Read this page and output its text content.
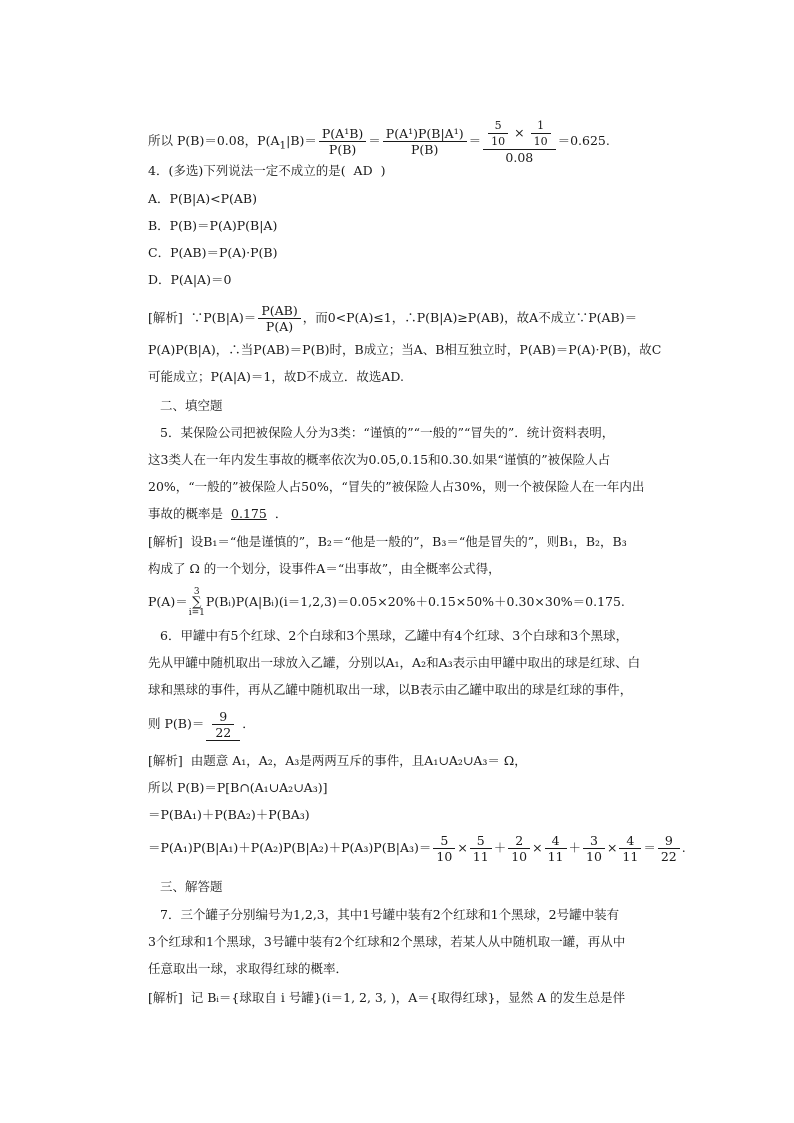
所以 P(B)＝0.08，$P(A_1|B)= \frac{\text{P(A¹B)}}{P(B)} = \frac{\text{P(A¹)P(B|A¹)}}{P(B)} = \frac{\frac{5}{10} \times \frac{1}{10}}{0.08} =0.625$.
4．(多选)下列说法一定不成立的是( AD )
A．P(B|A)<P(AB)
B．P(B)＝P(A)P(B|A)
C．P(AB)＝P(A)·P(B)
D．P(A|A)＝0
[解析] ∵P(B|A)＝ $\frac{P(AB)}{P(A)}$ ，而0<P(A)≤1，∴P(B|A)≥P(AB)，故A不成立∵P(AB)＝
P(A)P(B|A)，∴当P(AB)＝P(B)时，B成立；当A、B相互独立时，P(AB)＝P(A)·P(B)，故C
可能成立；P(A|A)＝1，故D不成立．故选AD.
二、填空题
5．某保险公司把被保险人分为3类：“谨慎的”“一般的”“冒失的”．统计资料表明，
这3类人在一年内发生事故的概率依次为0.05,0.15和0.30.如果“谨慎的”被保险人占
20%，“一般的”被保险人占50%，“冒失的”被保险人占30%，则一个被保险人在一年内出
事故的概率是 0.175 ．
[解析] 设B₁＝“他是谨慎的”，B₂＝“他是一般的”，B₃＝“他是冒失的”，则B₁，B₂，B₃
构成了 Ω 的一个划分，设事件A＝“出事故”，由全概率公式得，
P(A)＝
3
∑
i=1
P(Bᵢ)P(A|Bᵢ)(i＝1,2,3)＝0.05×20%＋0.15×50%＋0.30×30%＝0.175.
6．甲罐中有5个红球、2个白球和3个黑球，乙罐中有4个红球、3个白球和3个黑球，
先从甲罐中随机取出一球放入乙罐，分别以A₁，A₂和A₃表示由甲罐中取出的球是红球、白
球和黑球的事件，再从乙罐中随机取出一球，以B表示由乙罐中取出的球是红球的事件，
则 $P(B)= \frac{9}{22}$ ．
[解析] 由题意 A₁，A₂，A₃是两两互斥的事件，且A₁∪A₂∪A₃＝ Ω，
所以 P(B)＝P[B∩(A₁∪A₂∪A₃)]
＝P(BA₁)＋P(BA₂)＋P(BA₃)
$=P(A_1)P(B|A_1)+P(A_2)P(B|A_2)+P(A_3)P(B|A_3)= \frac{5}{10} \times \frac{5}{11} + \frac{2}{10} \times \frac{4}{11} + \frac{3}{10} \times \frac{4}{11} = \frac{9}{22}$ .
三、解答题
7．三个罐子分别编号为1,2,3，其中1号罐中装有2个红球和1个黑球，2号罐中装有
3个红球和1个黑球，3号罐中装有2个红球和2个黑球，若某人从中随机取一罐，再从中
任意取出一球，求取得红球的概率．
[解析] 记 Bᵢ＝{球取自 i 号罐}(i＝1, 2, 3, )，A＝{取得红球}，显然 A 的发生总是伴
